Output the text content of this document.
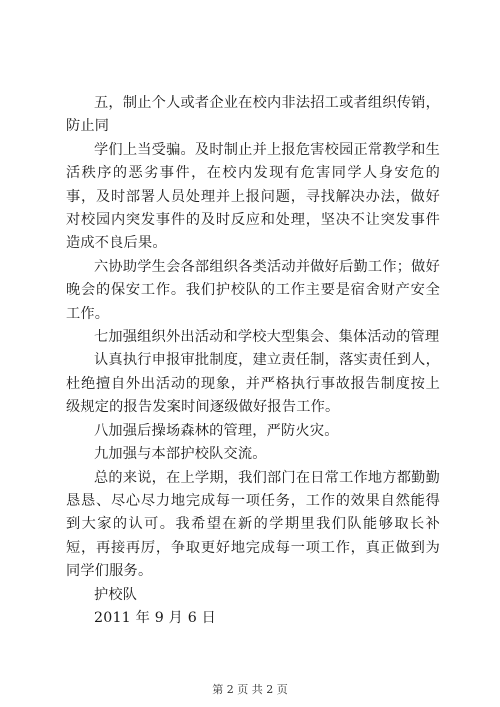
五，制止个人或者企业在校内非法招工或者组织传销，防止同

学们上当受骗。及时制止并上报危害校园正常教学和生活秩序的恶劣事件，在校内发现有危害同学人身安危的事，及时部署人员处理并上报问题，寻找解决办法，做好对校园内突发事件的及时反应和处理，坚决不让突发事件造成不良后果。

六协助学生会各部组织各类活动并做好后勤工作；做好晚会的保安工作。我们护校队的工作主要是宿舍财产安全工作。

七加强组织外出活动和学校大型集会、集体活动的管理

认真执行申报审批制度，建立责任制，落实责任到人，杜绝擅自外出活动的现象，并严格执行事故报告制度按上级规定的报告发案时间逐级做好报告工作。

八加强后操场森林的管理，严防火灾。

九加强与本部护校队交流。

总的来说，在上学期，我们部门在日常工作地方都勤勤恳恳、尽心尽力地完成每一项任务，工作的效果自然能得到大家的认可。我希望在新的学期里我们队能够取长补短，再接再厉，争取更好地完成每一项工作，真正做到为同学们服务。

护校队

2011 年 9 月 6 日

第 2 页 共 2 页
